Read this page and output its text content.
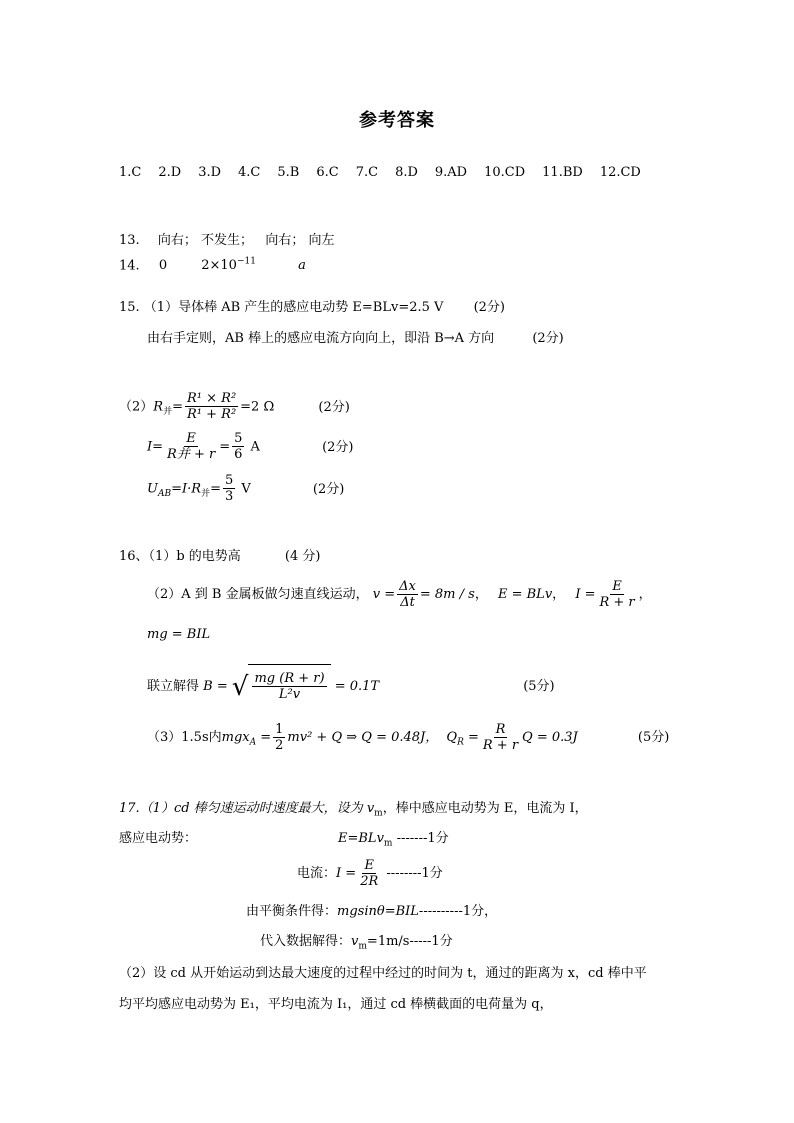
参考答案
1.C 2.D 3.D 4.C 5.B 6.C 7.C 8.D 9.AD 10.CD 11.BD 12.CD
13. 向右； 不发生；   向右； 向左
14. 0	$2\times 10^{-11}$	a
15. （1）导体棒 AB 产生的感应电动势 E=BLv=2.5 V (2分)
由右手定则，AB 棒上的感应电流方向向上，即沿 B→A 方向	(2分)
$(2)R_并= \frac{\text{R¹ × R²}}{\text{R¹ + R²}} =2$ Ω	(2分)
$I= \frac{E}{\text{R并 + r}} = \frac{5}{6}$ A	(2分)
$U_{AB}=I\cdot R_并= \frac{5}{3}$ V	(2分)
16、（1）b 的电势高	(4 分)
（2）A 到 B 金属板做匀速直线运动， $v = \frac{\Delta x}{\Delta t} = 8m / s$， E = BLv， $I = \frac{E}{R + r}$ ，
mg = BIL
联立解得 B = √ $\frac{mg (R + r)}{\text{L²v}} = 0.1T$	(5分)
（3）1.5s内$mgx_A = \frac{1}{2} mv^2 + Q$ ⇒ Q = 0.48J， $Q_R = \frac{R}{R + r}$ Q = 0.3J	(5分)
17.（1）cd 棒匀速运动时速度最大，设为 $v_m$，棒中感应电动势为 E，电流为 I，
感应电动势：	E=BLv$_m$ -------1分
电流：$I = \frac{E}{2R} --------1$分
由平衡条件得：mgsinθ=BIL----------1分，
代入数据解得：$v_m=1m/s-----1$分
（2）设 cd 从开始运动到达最大速度的过程中经过的时间为 t，通过的距离为 x，cd 棒中平
均平均感应电动势为 E₁，平均电流为 I₁，通过 cd 棒横截面的电荷量为 q，
